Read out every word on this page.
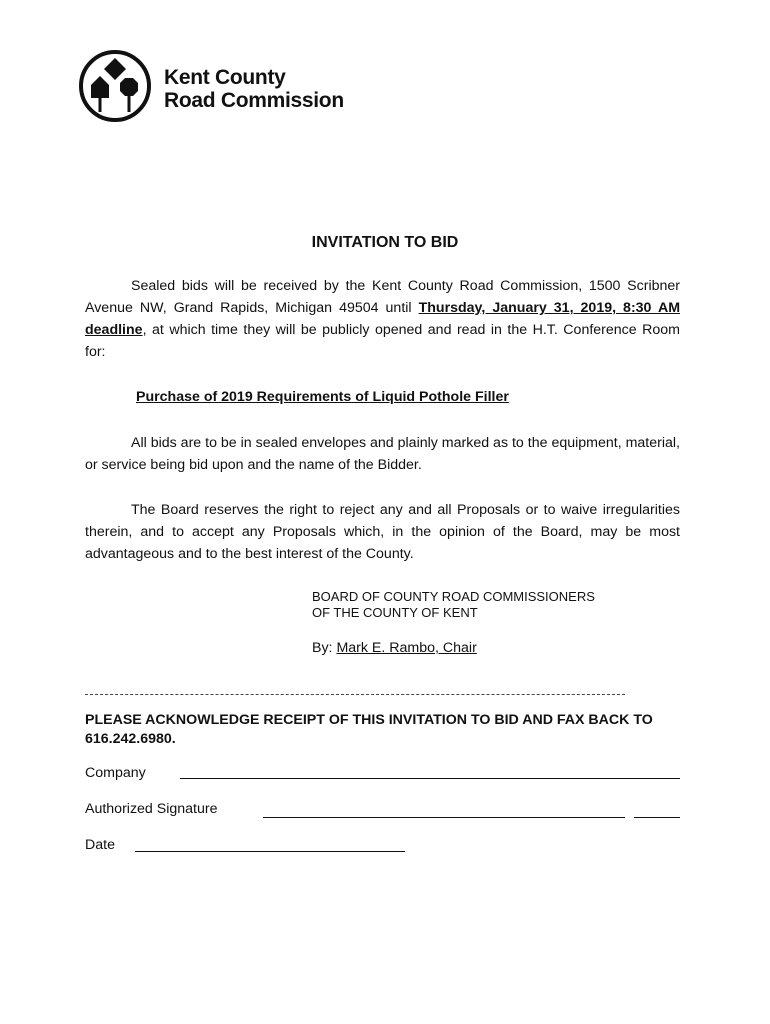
Kent County
Road Commission
INVITATION TO BID
Sealed bids will be received by the Kent County Road Commission, 1500 Scribner Avenue NW, Grand Rapids, Michigan 49504 until Thursday, January 31, 2019, 8:30 AM deadline, at which time they will be publicly opened and read in the H.T. Conference Room for:
Purchase of 2019 Requirements of Liquid Pothole Filler
All bids are to be in sealed envelopes and plainly marked as to the equipment, material, or service being bid upon and the name of the Bidder.
The Board reserves the right to reject any and all Proposals or to waive irregularities therein, and to accept any Proposals which, in the opinion of the Board, may be most advantageous and to the best interest of the County.
BOARD OF COUNTY ROAD COMMISSIONERS
OF THE COUNTY OF KENT
By: Mark E. Rambo, Chair
PLEASE ACKNOWLEDGE RECEIPT OF THIS INVITATION TO BID AND FAX BACK TO 616.242.6980.
Company
Authorized Signature
Date
